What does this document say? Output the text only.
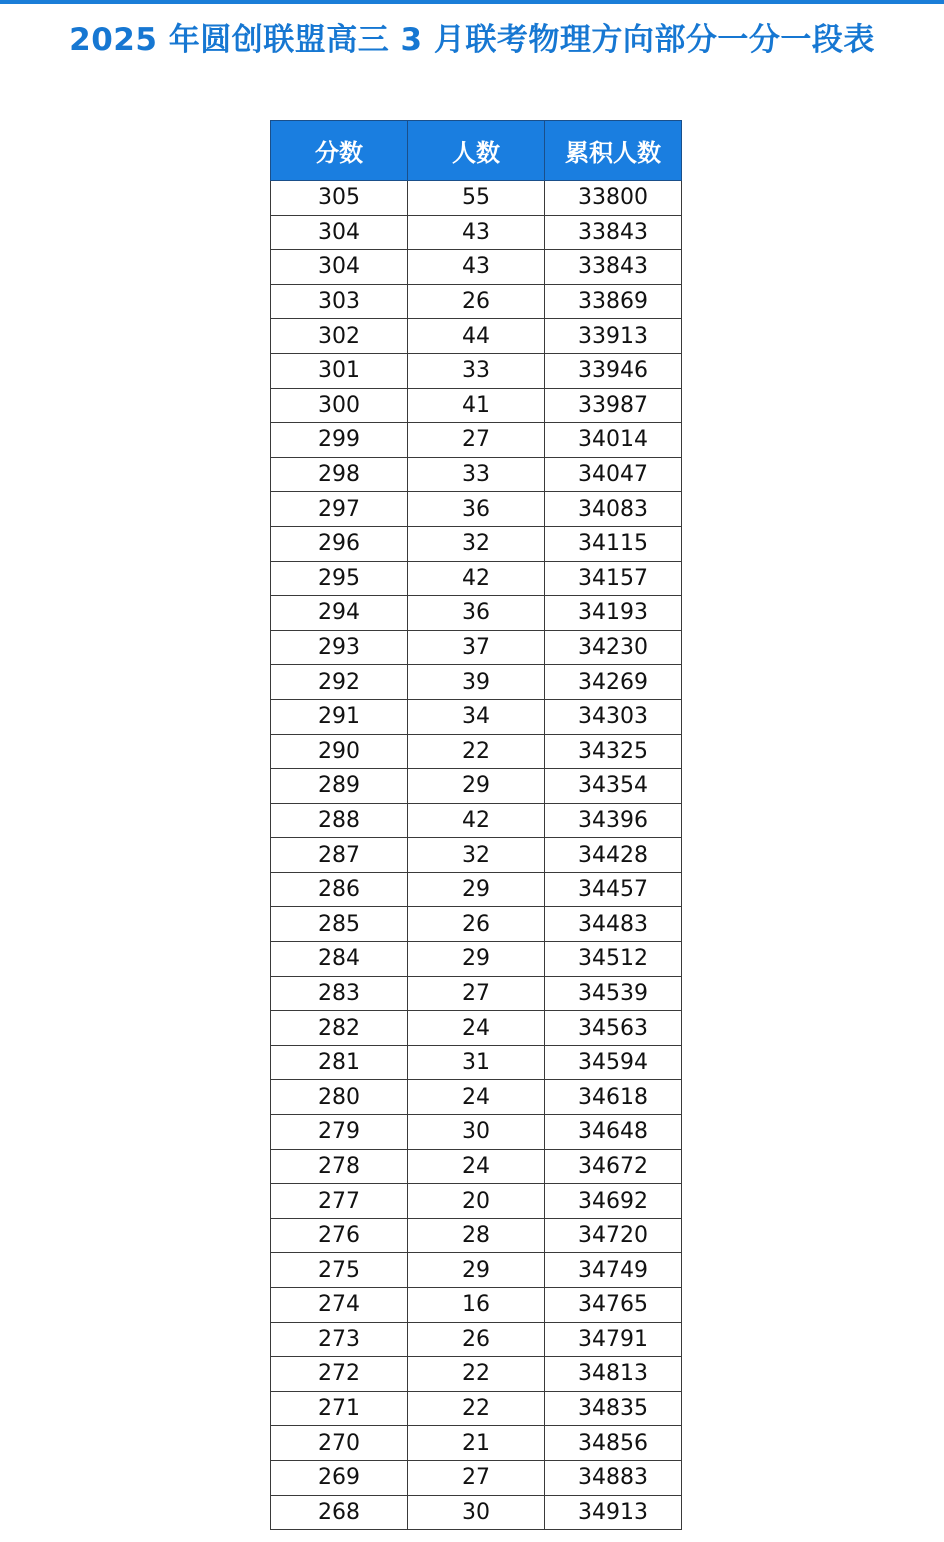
2025 年圆创联盟高三 3 月联考物理方向部分一分一段表
分数	人数	累积人数
305	55	33800
304	43	33843
304	43	33843
303	26	33869
302	44	33913
301	33	33946
300	41	33987
299	27	34014
298	33	34047
297	36	34083
296	32	34115
295	42	34157
294	36	34193
293	37	34230
292	39	34269
291	34	34303
290	22	34325
289	29	34354
288	42	34396
287	32	34428
286	29	34457
285	26	34483
284	29	34512
283	27	34539
282	24	34563
281	31	34594
280	24	34618
279	30	34648
278	24	34672
277	20	34692
276	28	34720
275	29	34749
274	16	34765
273	26	34791
272	22	34813
271	22	34835
270	21	34856
269	27	34883
268	30	34913
